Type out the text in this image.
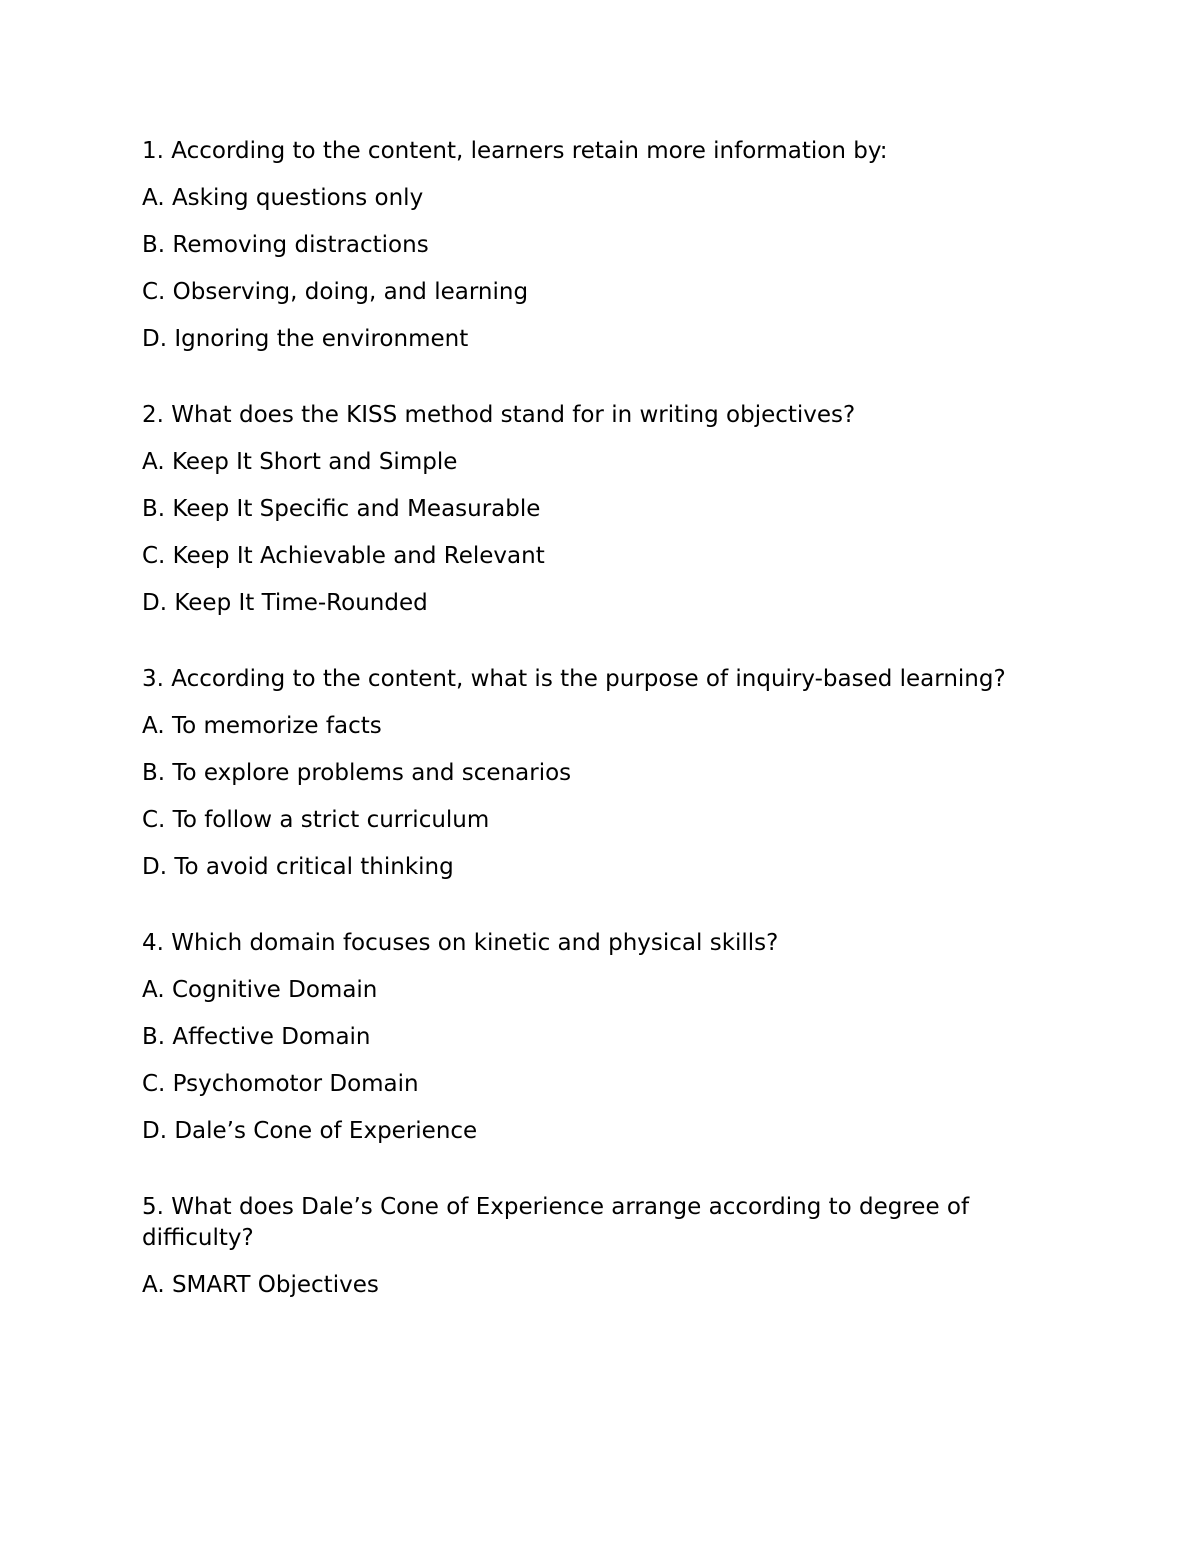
1. According to the content, learners retain more information by:

A. Asking questions only

B. Removing distractions

C. Observing, doing, and learning

D. Ignoring the environment

2. What does the KISS method stand for in writing objectives?

A. Keep It Short and Simple

B. Keep It Specific and Measurable

C. Keep It Achievable and Relevant

D. Keep It Time-Rounded

3. According to the content, what is the purpose of inquiry-based learning?

A. To memorize facts

B. To explore problems and scenarios

C. To follow a strict curriculum

D. To avoid critical thinking

4. Which domain focuses on kinetic and physical skills?

A. Cognitive Domain

B. Affective Domain

C. Psychomotor Domain

D. Dale’s Cone of Experience

5. What does Dale’s Cone of Experience arrange according to degree of difficulty?

A. SMART Objectives
